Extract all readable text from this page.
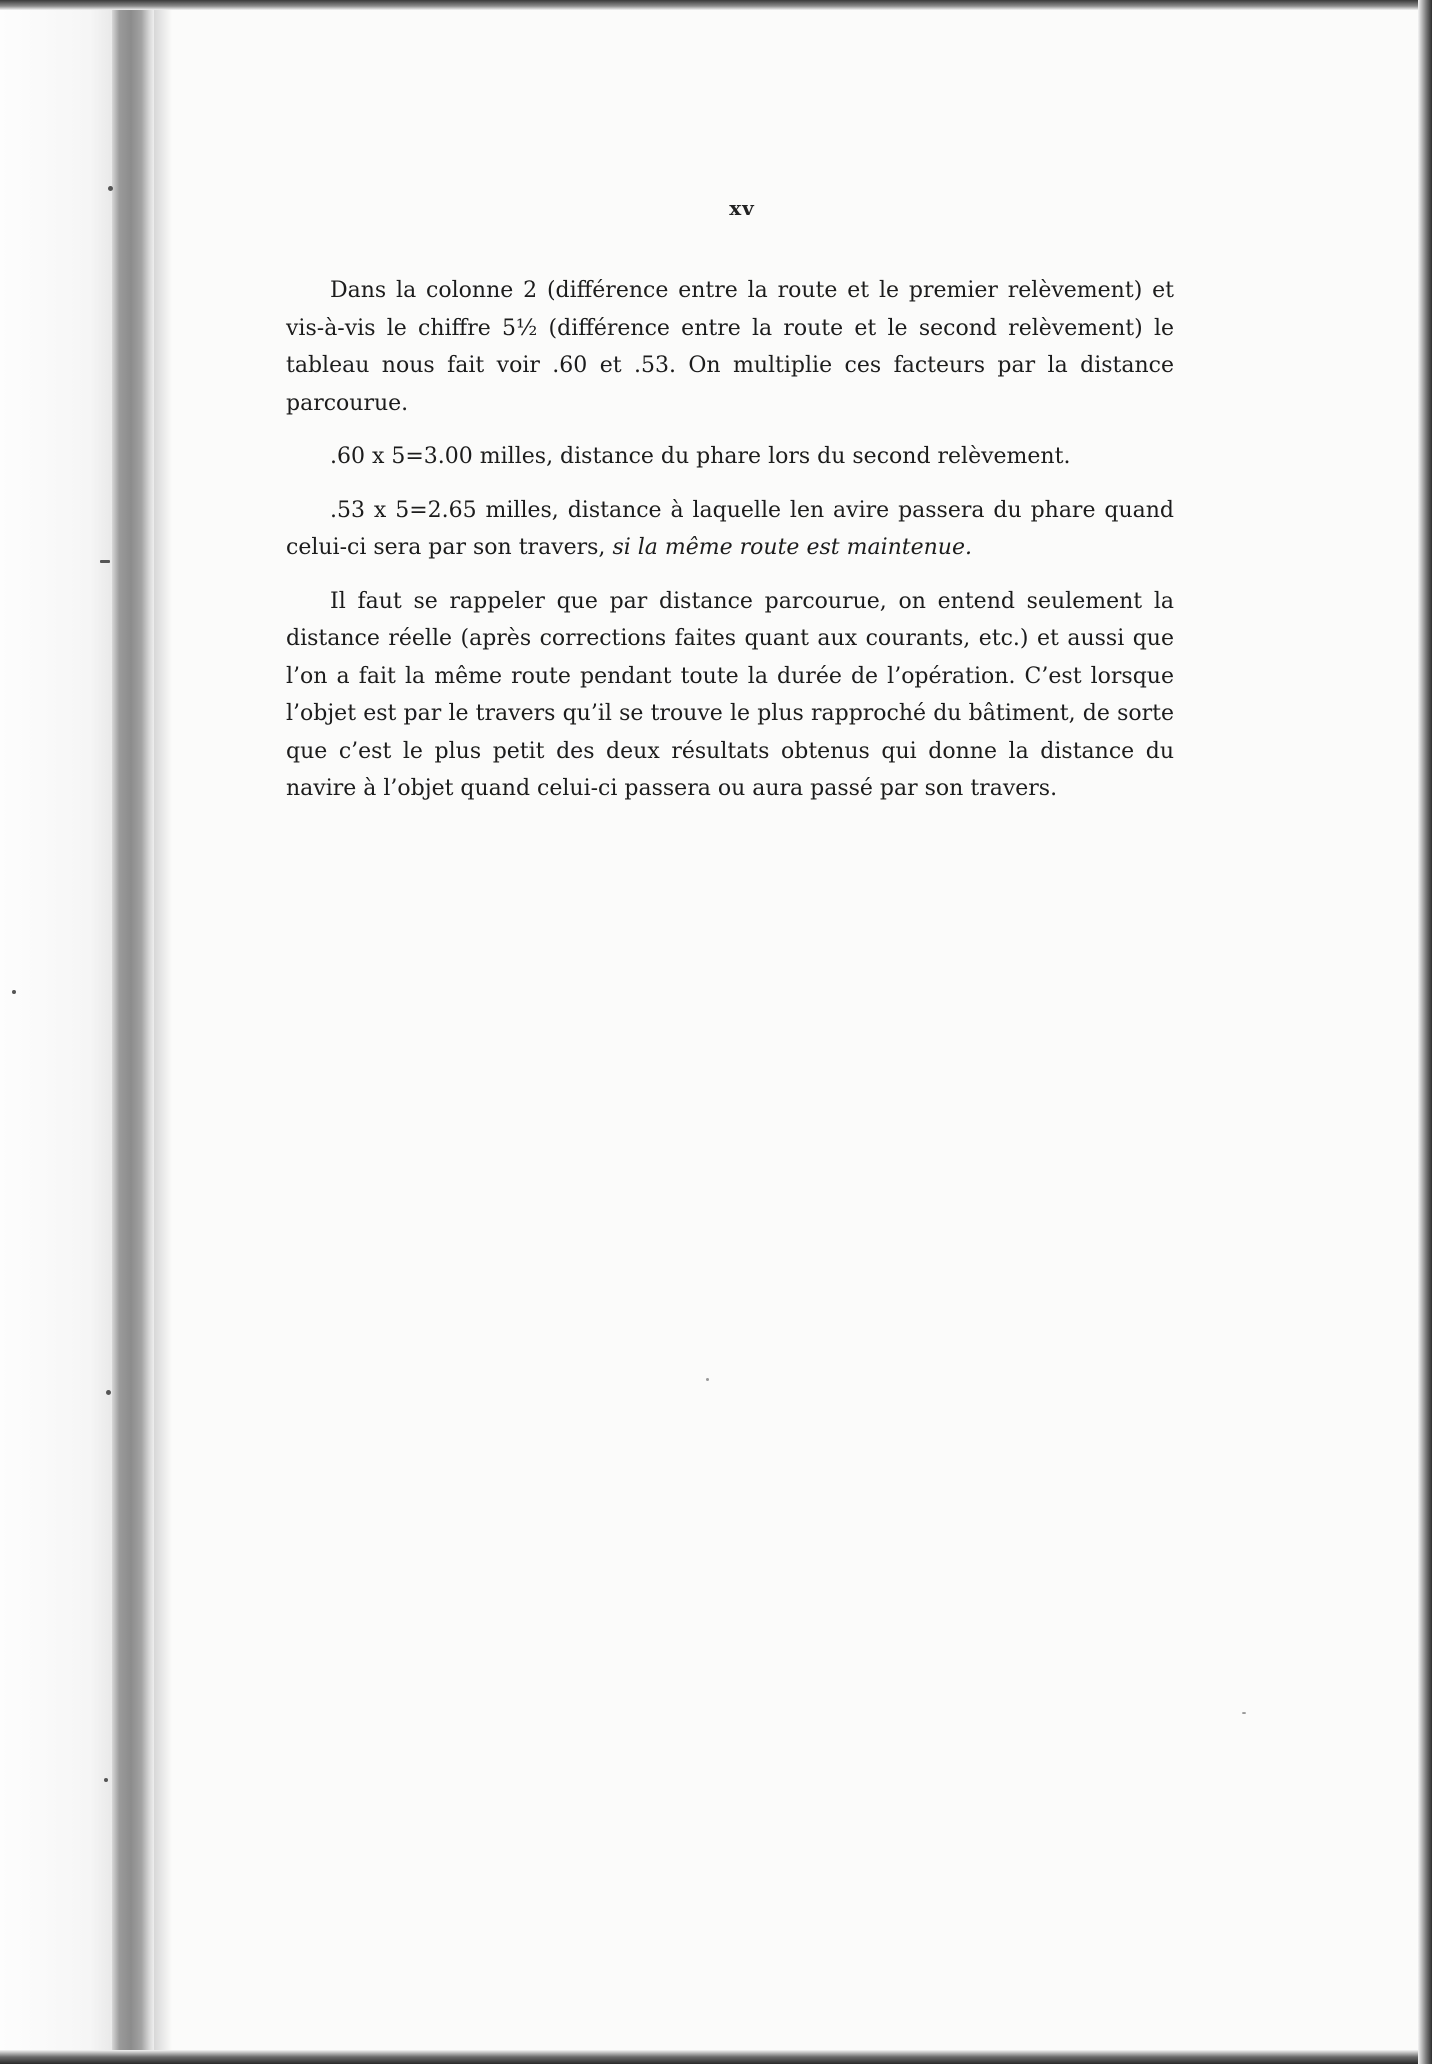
xv

Dans la colonne 2 (différence entre la route et le premier relèvement) et vis-à-vis le chiffre 5½ (différence entre la route et le second relèvement) le tableau nous fait voir .60 et .53. On multiplie ces facteurs par la distance parcourue.

.60 x 5=3.00 milles, distance du phare lors du second relèvement.

.53 x 5=2.65 milles, distance à laquelle len avire passera du phare quand celui-ci sera par son travers, si la même route est maintenue.

Il faut se rappeler que par distance parcourue, on entend seulement la distance réelle (après corrections faites quant aux courants, etc.) et aussi que l’on a fait la même route pendant toute la durée de l’opération. C’est lorsque l’objet est par le travers qu’il se trouve le plus rapproché du bâtiment, de sorte que c’est le plus petit des deux résultats obtenus qui donne la distance du navire à l’objet quand celui-ci passera ou aura passé par son travers.
